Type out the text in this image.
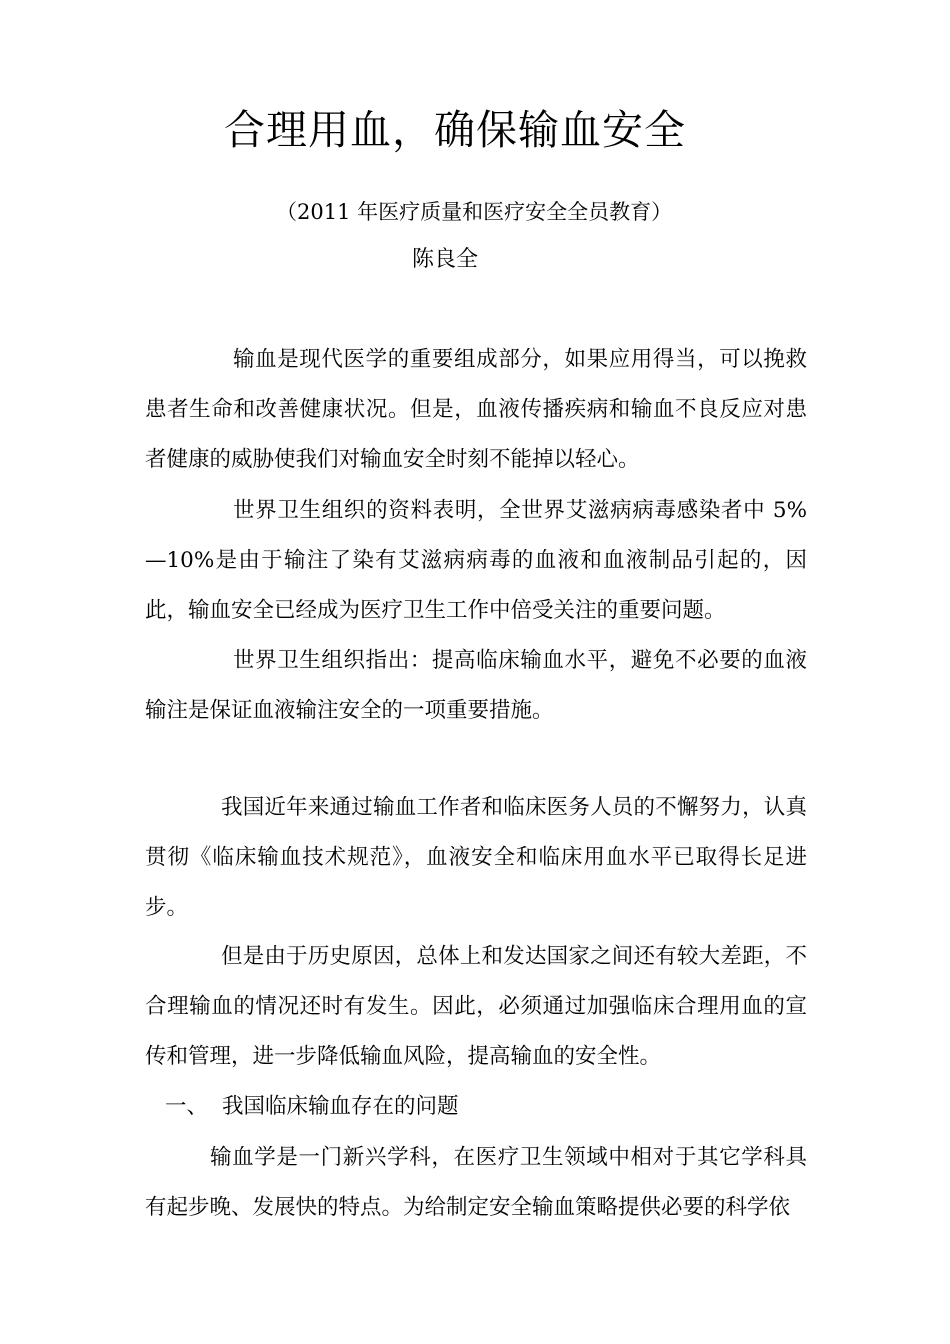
合理用血，确保输血安全
（2011 年医疗质量和医疗安全全员教育）
陈良全

输血是现代医学的重要组成部分，如果应用得当，可以挽救患者生命和改善健康状况。但是，血液传播疾病和输血不良反应对患者健康的威胁使我们对输血安全时刻不能掉以轻心。

世界卫生组织的资料表明，全世界艾滋病病毒感染者中 5%—10%是由于输注了染有艾滋病病毒的血液和血液制品引起的，因此，输血安全已经成为医疗卫生工作中倍受关注的重要问题。

世界卫生组织指出：提高临床输血水平，避免不必要的血液输注是保证血液输注安全的一项重要措施。

我国近年来通过输血工作者和临床医务人员的不懈努力，认真贯彻《临床输血技术规范》，血液安全和临床用血水平已取得长足进步。

但是由于历史原因，总体上和发达国家之间还有较大差距，不合理输血的情况还时有发生。因此，必须通过加强临床合理用血的宣传和管理，进一步降低输血风险，提高输血的安全性。

一、 我国临床输血存在的问题

输血学是一门新兴学科，在医疗卫生领域中相对于其它学科具有起步晚、发展快的特点。为给制定安全输血策略提供必要的科学依
